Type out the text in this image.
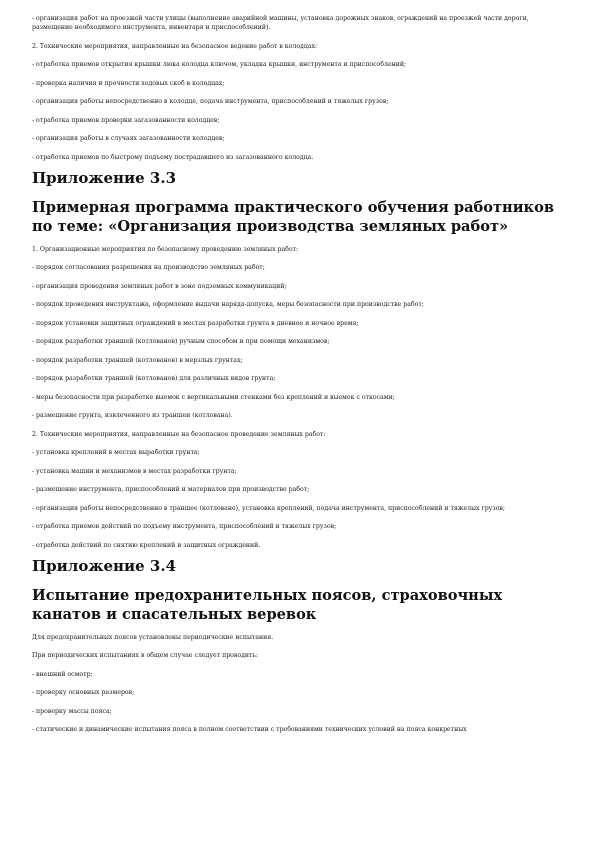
- организация работ на проезжей части улицы (выполнение аварийной машины, установка дорожных знаков, ограждений на проезжей части дороги, размещение необходимого инструмента, инвентаря и приспособлений).

2. Технические мероприятия, направленные на безопасное ведение работ в колодцах:

- отработка приемов открытия крышки люка колодца ключом, укладка крышки, инструмента и приспособлений;

- проверка наличия и прочности ходовых скоб в колодцах;

- организация работы непосредственно в колодце, подача инструмента, приспособлений и тяжелых грузов;

- отработка приемов проверки загазованности колодцев;

- организация работы в случаях загазованности колодцев;

- отработка приемов по быстрому подъему пострадавшего из загазованного колодца.

Приложение 3.3
Примерная программа практического обучения работников по теме: «Организация производства земляных работ»

1. Организационные мероприятия по безопасному проведению земляных работ:

- порядок согласования разрешения на производство земляных работ;

- организация проведения земляных работ в зоне подземных коммуникаций;

- порядок проведения инструктажа, оформление выдачи наряда-допуска, меры безопасности при производстве работ;

- порядок установки защитных ограждений в местах разработки грунта в дневное и ночное время;

- порядок разработки траншей (котлованов) ручным способом и при помощи механизмов;

- порядок разработки траншей (котлованов) в мерзлых грунтах;

- порядок разработки траншей (котлованов) для различных видов грунта;

- меры безопасности при разработке выемок с вертикальными стенками без креплений и выемок с откосами;

- размещение грунта, извлеченного из траншеи (котлована).

2. Технические мероприятия, направленные на безопасное проведение земляных работ:

- установка креплений в местах выработки грунта;

- установка машин и механизмов в местах разработки грунта;

- размещение инструмента, приспособлений и материалов при производстве работ;

- организация работы непосредственно в траншее (котловане), установка креплений, подача инструмента, приспособлений и тяжелых грузов;

- отработка приемов действий по подъему инструмента, приспособлений и тяжелых грузов;

- отработка действий по снятию креплений и защитных ограждений.

Приложение 3.4
Испытание предохранительных поясов, страховочных канатов и спасательных веревок

Для предохранительных поясов установлены периодические испытания.

При периодических испытаниях в общем случае следует проводить:

- внешний осмотр;

- проверку основных размеров;

- проверку массы пояса;

- статические и динамические испытания пояса в полном соответствии с требованиями технических условий на пояса конкретных
